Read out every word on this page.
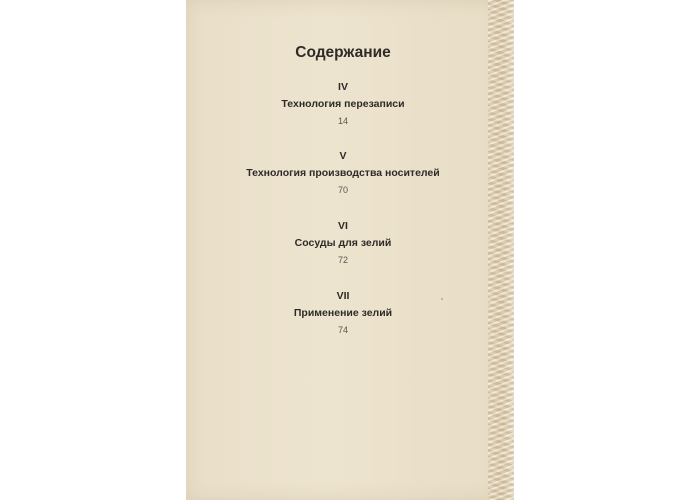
Содержание
IV
Технология перезаписи
14
V
Технология производства носителей
70
VI
Сосуды для зелий
72
VII
Применение зелий
74
